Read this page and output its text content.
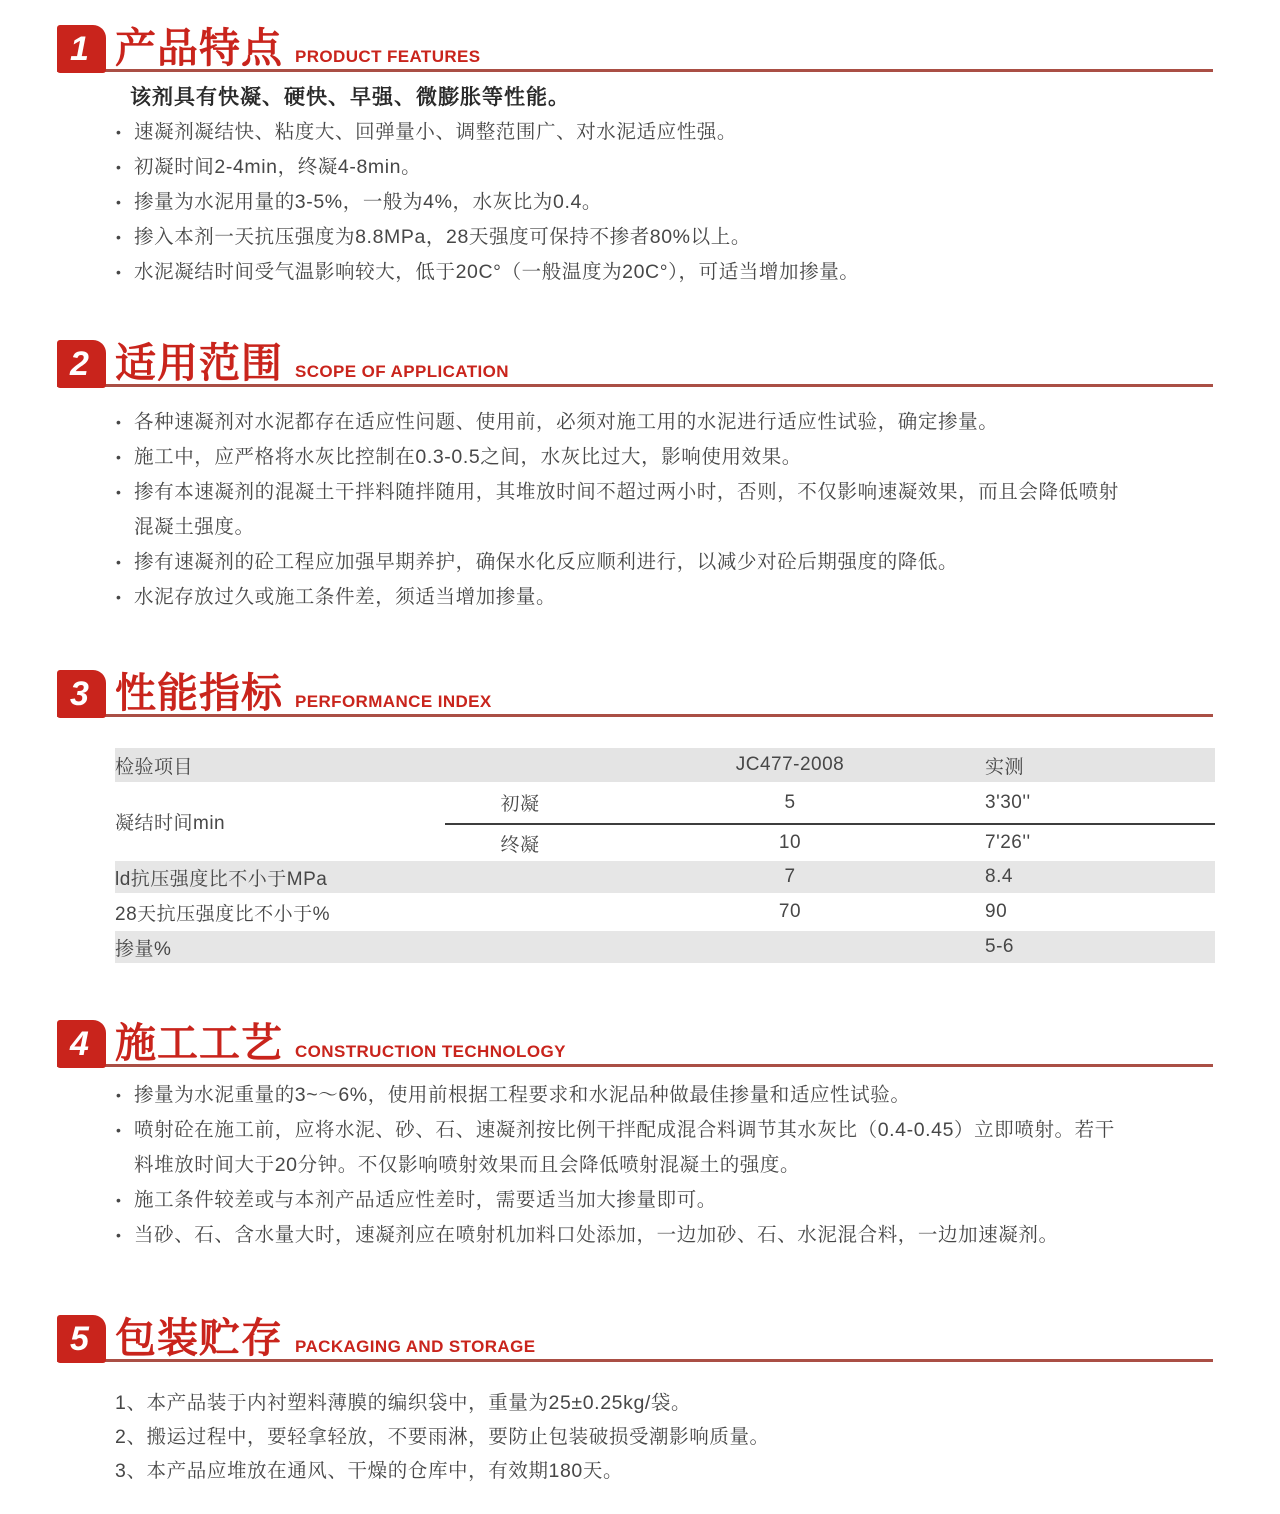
1 产品特点 PRODUCT FEATURES
该剂具有快凝、硬快、早强、微膨胀等性能。
• 速凝剂凝结快、粘度大、回弹量小、调整范围广、对水泥适应性强。
• 初凝时间2-4min，终凝4-8min。
• 掺量为水泥用量的3-5%，一般为4%，水灰比为0.4。
• 掺入本剂一天抗压强度为8.8MPa，28天强度可保持不掺者80%以上。
• 水泥凝结时间受气温影响较大，低于20C°（一般温度为20C°），可适当增加掺量。
2 适用范围 SCOPE OF APPLICATION
• 各种速凝剂对水泥都存在适应性问题、使用前，必须对施工用的水泥进行适应性试验，确定掺量。
• 施工中，应严格将水灰比控制在0.3-0.5之间，水灰比过大，影响使用效果。
• 掺有本速凝剂的混凝土干拌料随拌随用，其堆放时间不超过两小时，否则，不仅影响速凝效果，而且会降低喷射混凝土强度。
• 掺有速凝剂的砼工程应加强早期养护，确保水化反应顺利进行，以减少对砼后期强度的降低。
• 水泥存放过久或施工条件差，须适当增加掺量。
3 性能指标 PERFORMANCE INDEX
检验项目		JC477-2008	实测
凝结时间min	初凝	5	3'30''
	终凝	10	7'26''
ld抗压强度比不小于MPa		7	8.4
28天抗压强度比不小于%		70	90
掺量%			5-6
4 施工工艺 CONSTRUCTION TECHNOLOGY
• 掺量为水泥重量的3~～6%，使用前根据工程要求和水泥品种做最佳掺量和适应性试验。
• 喷射砼在施工前，应将水泥、砂、石、速凝剂按比例干拌配成混合料调节其水灰比（0.4-0.45）立即喷射。若干料堆放时间大于20分钟。不仅影响喷射效果而且会降低喷射混凝土的强度。
• 施工条件较差或与本剂产品适应性差时，需要适当加大掺量即可。
• 当砂、石、含水量大时，速凝剂应在喷射机加料口处添加，一边加砂、石、水泥混合料，一边加速凝剂。
5 包装贮存 PACKAGING AND STORAGE
1、本产品装于内衬塑料薄膜的编织袋中，重量为25±0.25kg/袋。
2、搬运过程中，要轻拿轻放，不要雨淋，要防止包装破损受潮影响质量。
3、本产品应堆放在通风、干燥的仓库中，有效期180天。
